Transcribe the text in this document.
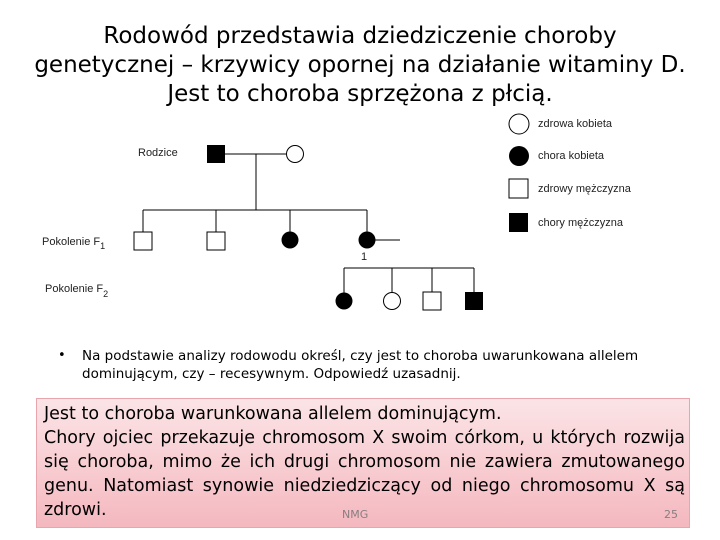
Rodowód przedstawia dziedziczenie choroby
genetycznej – krzywicy opornej na działanie witaminy D.
Jest to choroba sprzężona z płcią.
Rodzice
Pokolenie $F_1$
1
Pokolenie $F_2$
zdrowa kobieta
chora kobieta
zdrowy mężczyzna
chory mężczyzna
• Na podstawie analizy rodowodu określ, czy jest to choroba uwarunkowana allelem dominującym, czy – recesywnym. Odpowiedź uzasadnij.

Jest to choroba warunkowana allelem dominującym.

Chory ojciec przekazuje chromosom X swoim córkom, u których rozwija się choroba, mimo że ich drugi chromosom nie zawiera zmutowanego genu. Natomiast synowie niedziedziczący od niego chromosomu X są zdrowi.	NMG	25
